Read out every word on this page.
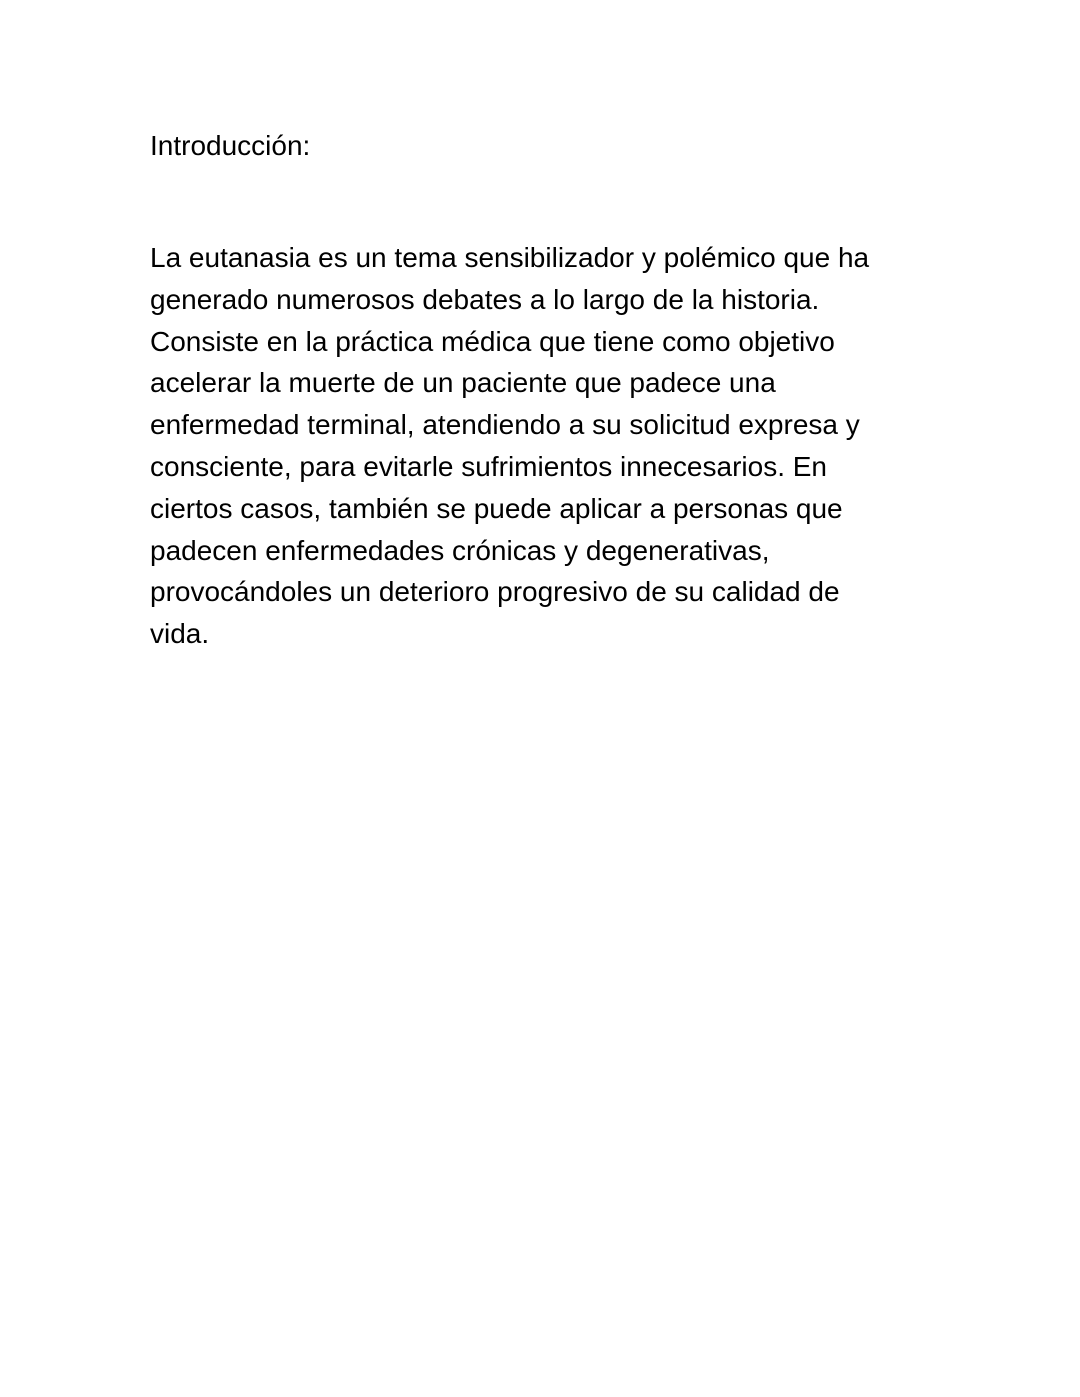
Introducción:

La eutanasia es un tema sensibilizador y polémico que ha
generado numerosos debates a lo largo de la historia.
Consiste en la práctica médica que tiene como objetivo
acelerar la muerte de un paciente que padece una
enfermedad terminal, atendiendo a su solicitud expresa y
consciente, para evitarle sufrimientos innecesarios. En
ciertos casos, también se puede aplicar a personas que
padecen enfermedades crónicas y degenerativas,
provocándoles un deterioro progresivo de su calidad de
vida.
